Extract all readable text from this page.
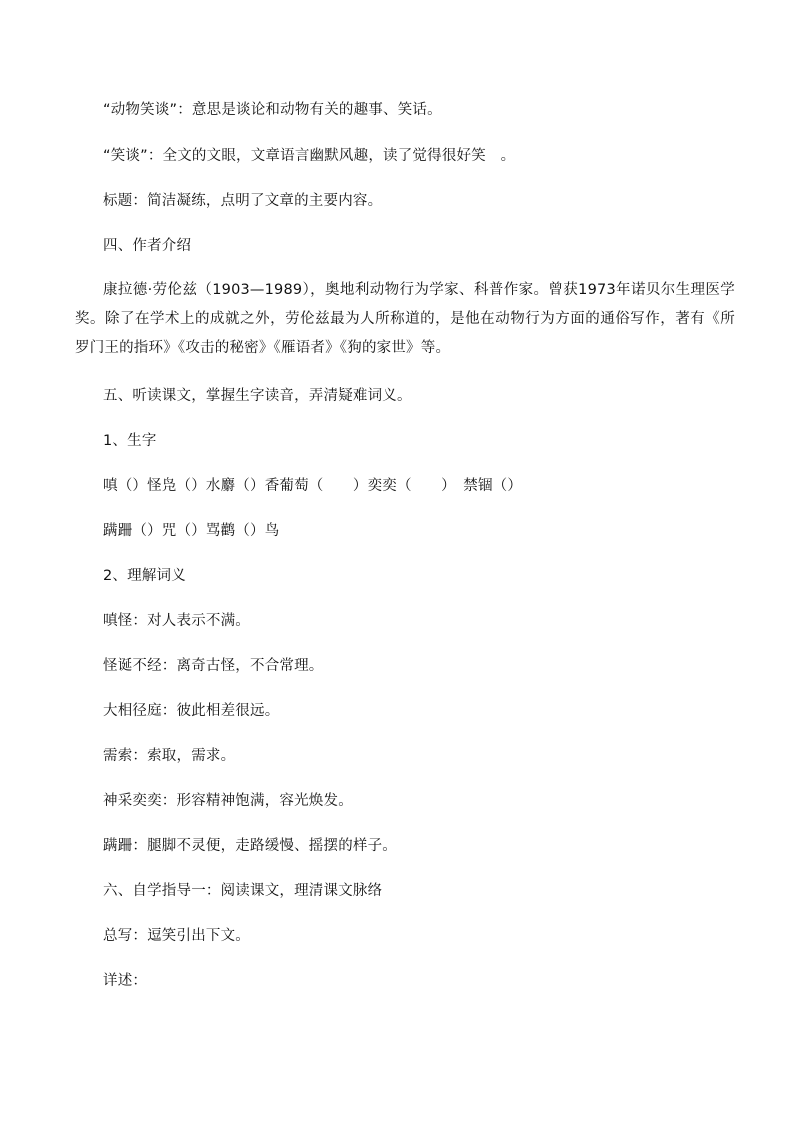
“动物笑谈”：意思是谈论和动物有关的趣事、笑话。
“笑谈”：全文的文眼，文章语言幽默风趣，读了觉得很好笑　。
标题：简洁凝练，点明了文章的主要内容。
四、作者介绍
康拉德·劳伦兹（1903—1989），奥地利动物行为学家、科普作家。曾获1973年诺贝尔生理医学奖。除了在学术上的成就之外，劳伦兹最为人所称道的，是他在动物行为方面的通俗写作，著有《所罗门王的指环》《攻击的秘密》《雁语者》《狗的家世》等。
五、听读课文，掌握生字读音，弄清疑难词义。
1、生字
嗔（）怪凫（）水麝（）香葡萄（　　）奕奕（　　）　禁锢（）
蹒跚（）咒（）骂鹳（）鸟
2、理解词义
嗔怪：对人表示不满。
怪诞不经：离奇古怪，不合常理。
大相径庭：彼此相差很远。
需索：索取，需求。
神采奕奕：形容精神饱满，容光焕发。
蹒跚：腿脚不灵便，走路缓慢、摇摆的样子。
六、自学指导一：阅读课文，理清课文脉络
总写：逗笑引出下文。
详述：
